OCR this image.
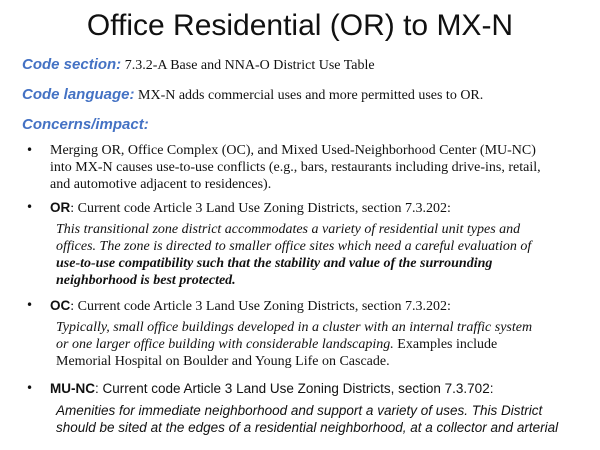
Office Residential (OR) to MX-N
Code section: 7.3.2-A Base and NNA-O District Use Table
Code language: MX-N adds commercial uses and more permitted uses to OR.
Concerns/impact:
• Merging OR, Office Complex (OC), and Mixed Used-Neighborhood Center (MU-NC)
into MX-N causes use-to-use conflicts (e.g., bars, restaurants including drive-ins, retail,
and automotive adjacent to residences).
• OR: Current code Article 3 Land Use Zoning Districts, section 7.3.202:
This transitional zone district accommodates a variety of residential unit types and
offices. The zone is directed to smaller office sites which need a careful evaluation of
use-to-use compatibility such that the stability and value of the surrounding
neighborhood is best protected.
• OC: Current code Article 3 Land Use Zoning Districts, section 7.3.202:
Typically, small office buildings developed in a cluster with an internal traffic system
or one larger office building with considerable landscaping. Examples include
Memorial Hospital on Boulder and Young Life on Cascade.
• MU-NC: Current code Article 3 Land Use Zoning Districts, section 7.3.702:
Amenities for immediate neighborhood and support a variety of uses. This District
should be sited at the edges of a residential neighborhood, at a collector and arterial
